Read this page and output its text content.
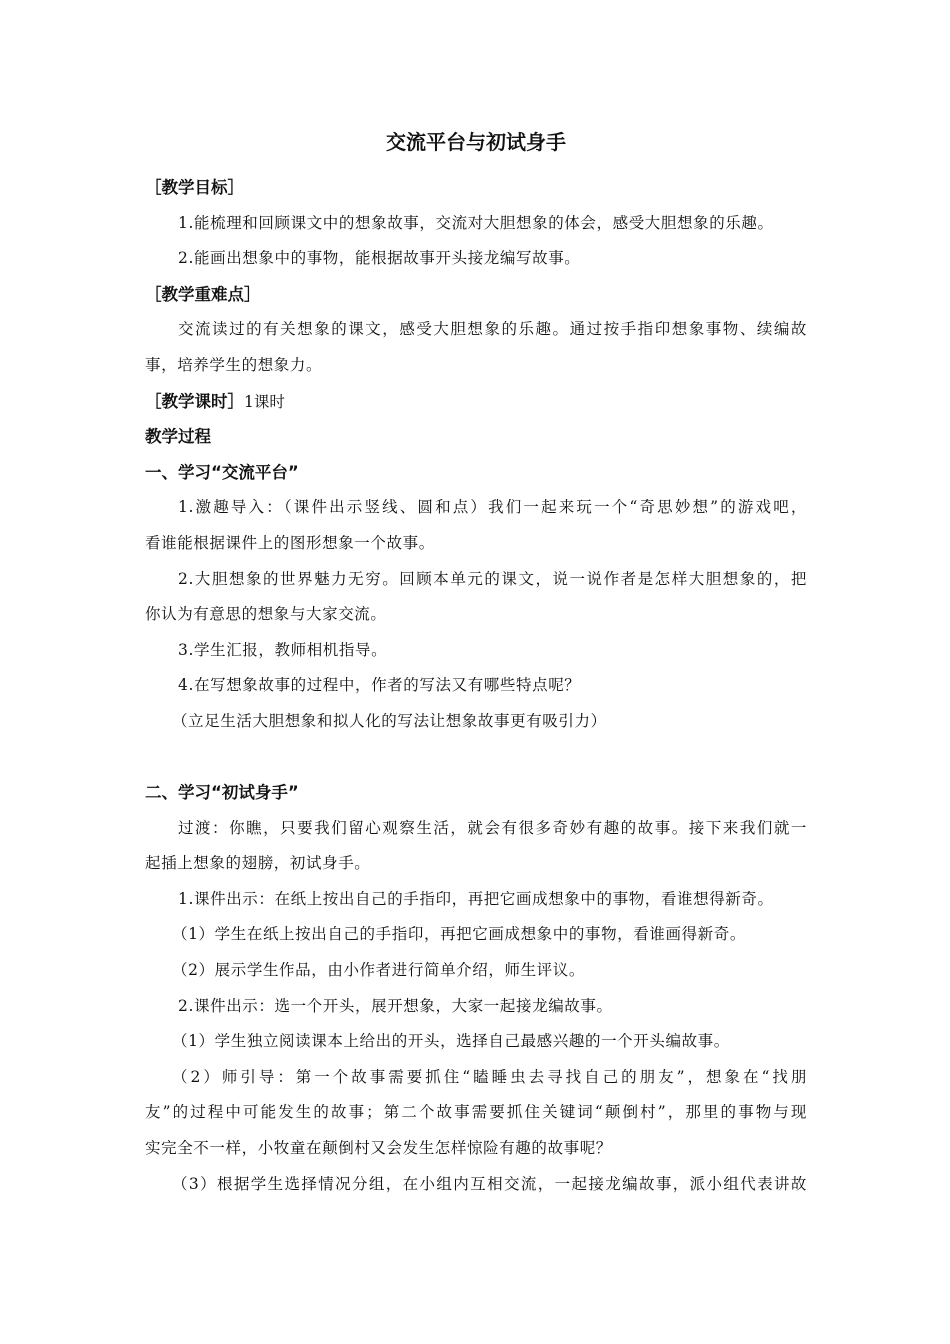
交流平台与初试身手
［教学目标］
1.能梳理和回顾课文中的想象故事，交流对大胆想象的体会，感受大胆想象的乐趣。
2.能画出想象中的事物，能根据故事开头接龙编写故事。
［教学重难点］
交流读过的有关想象的课文，感受大胆想象的乐趣。通过按手指印想象事物、续编故
事，培养学生的想象力。
［教学课时］1课时
教学过程
一、学习“交流平台”
1.激趣导入：（课件出示竖线、圆和点）我们一起来玩一个“奇思妙想”的游戏吧，
看谁能根据课件上的图形想象一个故事。
2.大胆想象的世界魅力无穷。回顾本单元的课文，说一说作者是怎样大胆想象的，把
你认为有意思的想象与大家交流。
3.学生汇报，教师相机指导。
4.在写想象故事的过程中，作者的写法又有哪些特点呢？
（立足生活大胆想象和拟人化的写法让想象故事更有吸引力）
二、学习“初试身手”
过渡：你瞧，只要我们留心观察生活，就会有很多奇妙有趣的故事。接下来我们就一
起插上想象的翅膀，初试身手。
1.课件出示：在纸上按出自己的手指印，再把它画成想象中的事物，看谁想得新奇。
（1）学生在纸上按出自己的手指印，再把它画成想象中的事物，看谁画得新奇。
（2）展示学生作品，由小作者进行简单介绍，师生评议。
2.课件出示：选一个开头，展开想象，大家一起接龙编故事。
（1）学生独立阅读课本上给出的开头，选择自己最感兴趣的一个开头编故事。
（2）师引导：第一个故事需要抓住“瞌睡虫去寻找自己的朋友”，想象在“找朋
友”的过程中可能发生的故事；第二个故事需要抓住关键词“颠倒村”，那里的事物与现
实完全不一样，小牧童在颠倒村又会发生怎样惊险有趣的故事呢？
（3）根据学生选择情况分组，在小组内互相交流，一起接龙编故事，派小组代表讲故
